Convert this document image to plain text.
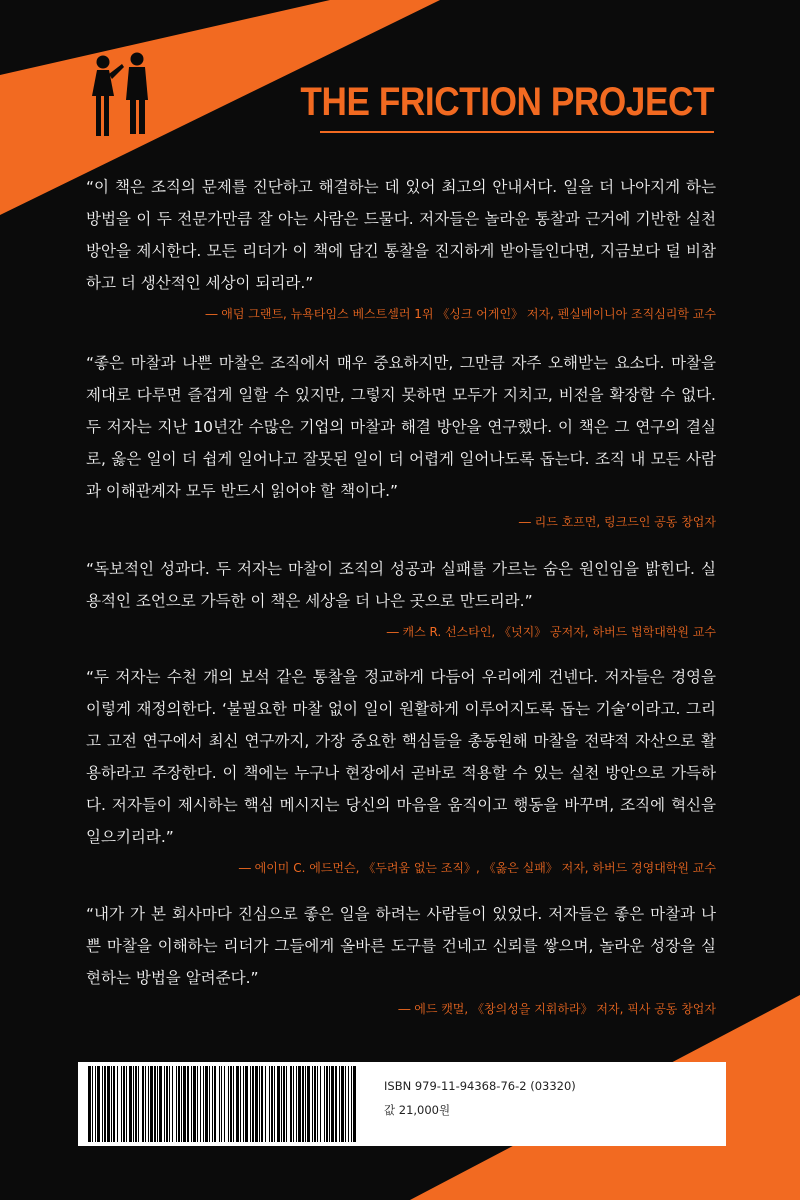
THE FRICTION PROJECT

“이 책은 조직의 문제를 진단하고 해결하는 데 있어 최고의 안내서다. 일을 더 나아지게 하는 방법을 이 두 전문가만큼 잘 아는 사람은 드물다. 저자들은 놀라운 통찰과 근거에 기반한 실천 방안을 제시한다. 모든 리더가 이 책에 담긴 통찰을 진지하게 받아들인다면, 지금보다 덜 비참하고 더 생산적인 세상이 되리라.”

― 애덤 그랜트, 뉴욕타임스 베스트셀러 1위 《싱크 어게인》 저자, 펜실베이니아 조직심리학 교수

“좋은 마찰과 나쁜 마찰은 조직에서 매우 중요하지만, 그만큼 자주 오해받는 요소다. 마찰을 제대로 다루면 즐겁게 일할 수 있지만, 그렇지 못하면 모두가 지치고, 비전을 확장할 수 없다. 두 저자는 지난 10년간 수많은 기업의 마찰과 해결 방안을 연구했다. 이 책은 그 연구의 결실로, 옳은 일이 더 쉽게 일어나고 잘못된 일이 더 어렵게 일어나도록 돕는다. 조직 내 모든 사람과 이해관계자 모두 반드시 읽어야 할 책이다.”

― 리드 호프먼, 링크드인 공동 창업자

“독보적인 성과다. 두 저자는 마찰이 조직의 성공과 실패를 가르는 숨은 원인임을 밝힌다. 실용적인 조언으로 가득한 이 책은 세상을 더 나은 곳으로 만드리라.”

― 캐스 R. 선스타인, 《넛지》 공저자, 하버드 법학대학원 교수

“두 저자는 수천 개의 보석 같은 통찰을 정교하게 다듬어 우리에게 건넨다. 저자들은 경영을 이렇게 재정의한다. ‘불필요한 마찰 없이 일이 원활하게 이루어지도록 돕는 기술’이라고. 그리고 고전 연구에서 최신 연구까지, 가장 중요한 핵심들을 총동원해 마찰을 전략적 자산으로 활용하라고 주장한다. 이 책에는 누구나 현장에서 곧바로 적용할 수 있는 실천 방안으로 가득하다. 저자들이 제시하는 핵심 메시지는 당신의 마음을 움직이고 행동을 바꾸며, 조직에 혁신을 일으키리라.”

― 에이미 C. 에드먼슨, 《두려움 없는 조직》, 《옳은 실패》 저자, 하버드 경영대학원 교수

“내가 가 본 회사마다 진심으로 좋은 일을 하려는 사람들이 있었다. 저자들은 좋은 마찰과 나쁜 마찰을 이해하는 리더가 그들에게 올바른 도구를 건네고 신뢰를 쌓으며, 놀라운 성장을 실현하는 방법을 알려준다.”

― 에드 캣멀, 《창의성을 지휘하라》 저자, 픽사 공동 창업자

ISBN 979-11-94368-76-2 (03320)

값 21,000원
